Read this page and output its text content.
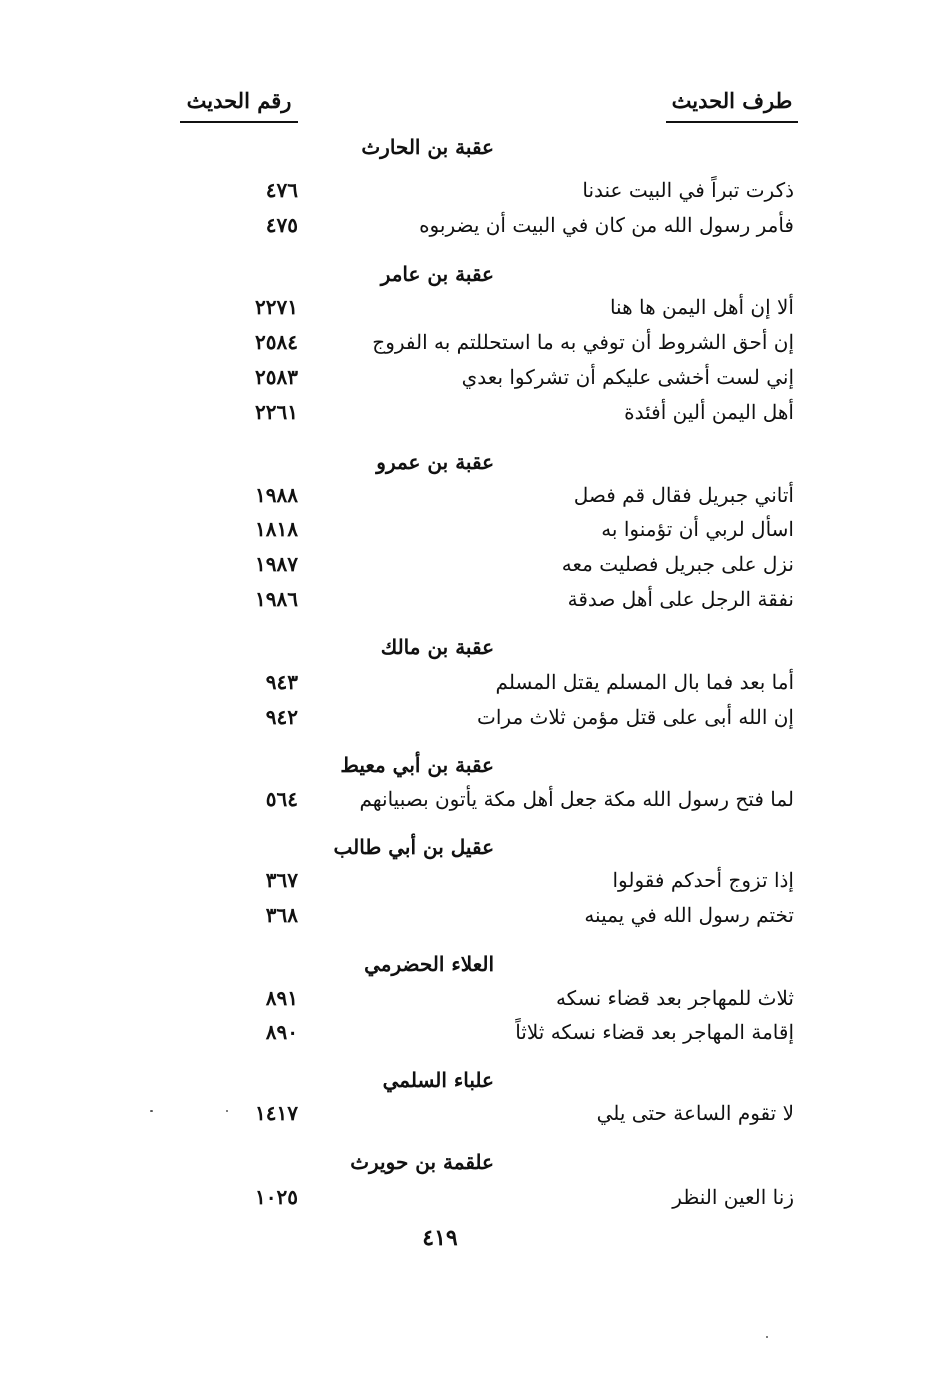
طرف الحديث
رقم الحديث
عقبة بن الحارث
ذكرت تبراً في البيت عندنا
٤٧٦
فأمر رسول الله من كان في البيت أن يضربوه
٤٧٥
عقبة بن عامر
ألا إن أهل اليمن ها هنا
٢٢٧١
إن أحق الشروط أن توفي به ما استحللتم به الفروج
٢٥٨٤
إني لست أخشى عليكم أن تشركوا بعدي
٢٥٨٣
أهل اليمن ألين أفئدة
٢٢٦١
عقبة بن عمرو
أتاني جبريل فقال قم فصل
١٩٨٨
اسأل لربي أن تؤمنوا به
١٨١٨
نزل على جبريل فصليت معه
١٩٨٧
نفقة الرجل على أهل صدقة
١٩٨٦
عقبة بن مالك
أما بعد فما بال المسلم يقتل المسلم
٩٤٣
إن الله أبى على قتل مؤمن ثلاث مرات
٩٤٢
عقبة بن أبي معيط
لما فتح رسول الله مكة جعل أهل مكة يأتون بصبيانهم
٥٦٤
عقيل بن أبي طالب
إذا تزوج أحدكم فقولوا
٣٦٧
تختم رسول الله في يمينه
٣٦٨
العلاء الحضرمي
ثلاث للمهاجر بعد قضاء نسكه
٨٩١
إقامة المهاجر بعد قضاء نسكه ثلاثاً
٨٩٠
علباء السلمي
لا تقوم الساعة حتى يلي
١٤١٧
علقمة بن حويرث
زنا العين النظر
١٠٢٥
٤١٩
